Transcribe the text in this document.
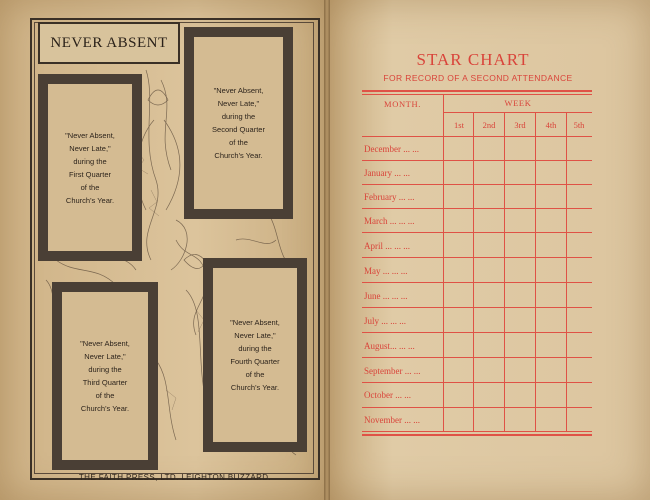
NEVER ABSENT
"Never Absent,
Never Late,"
during the
First Quarter
of the
Church's Year.
"Never Absent,
Never Late,"
during the
Second Quarter
of the
Church's Year.
"Never Absent,
Never Late,"
during the
Third Quarter
of the
Church's Year.
"Never Absent,
Never Late,"
during the
Fourth Quarter
of the
Church's Year.
THE FAITH PRESS, LTD. LEIGHTON BUZZARD.
STAR CHART
FOR RECORD OF A SECOND ATTENDANCE
MONTH.	WEEK
1st	2nd	3rd	4th	5th
December ... ...
January ... ...
February ... ...
March ... ... ...
April ... ... ...
May ... ... ...
June ... ... ...
July ... ... ...
August... ... ...
September ... ...
October ... ...
November ... ...
